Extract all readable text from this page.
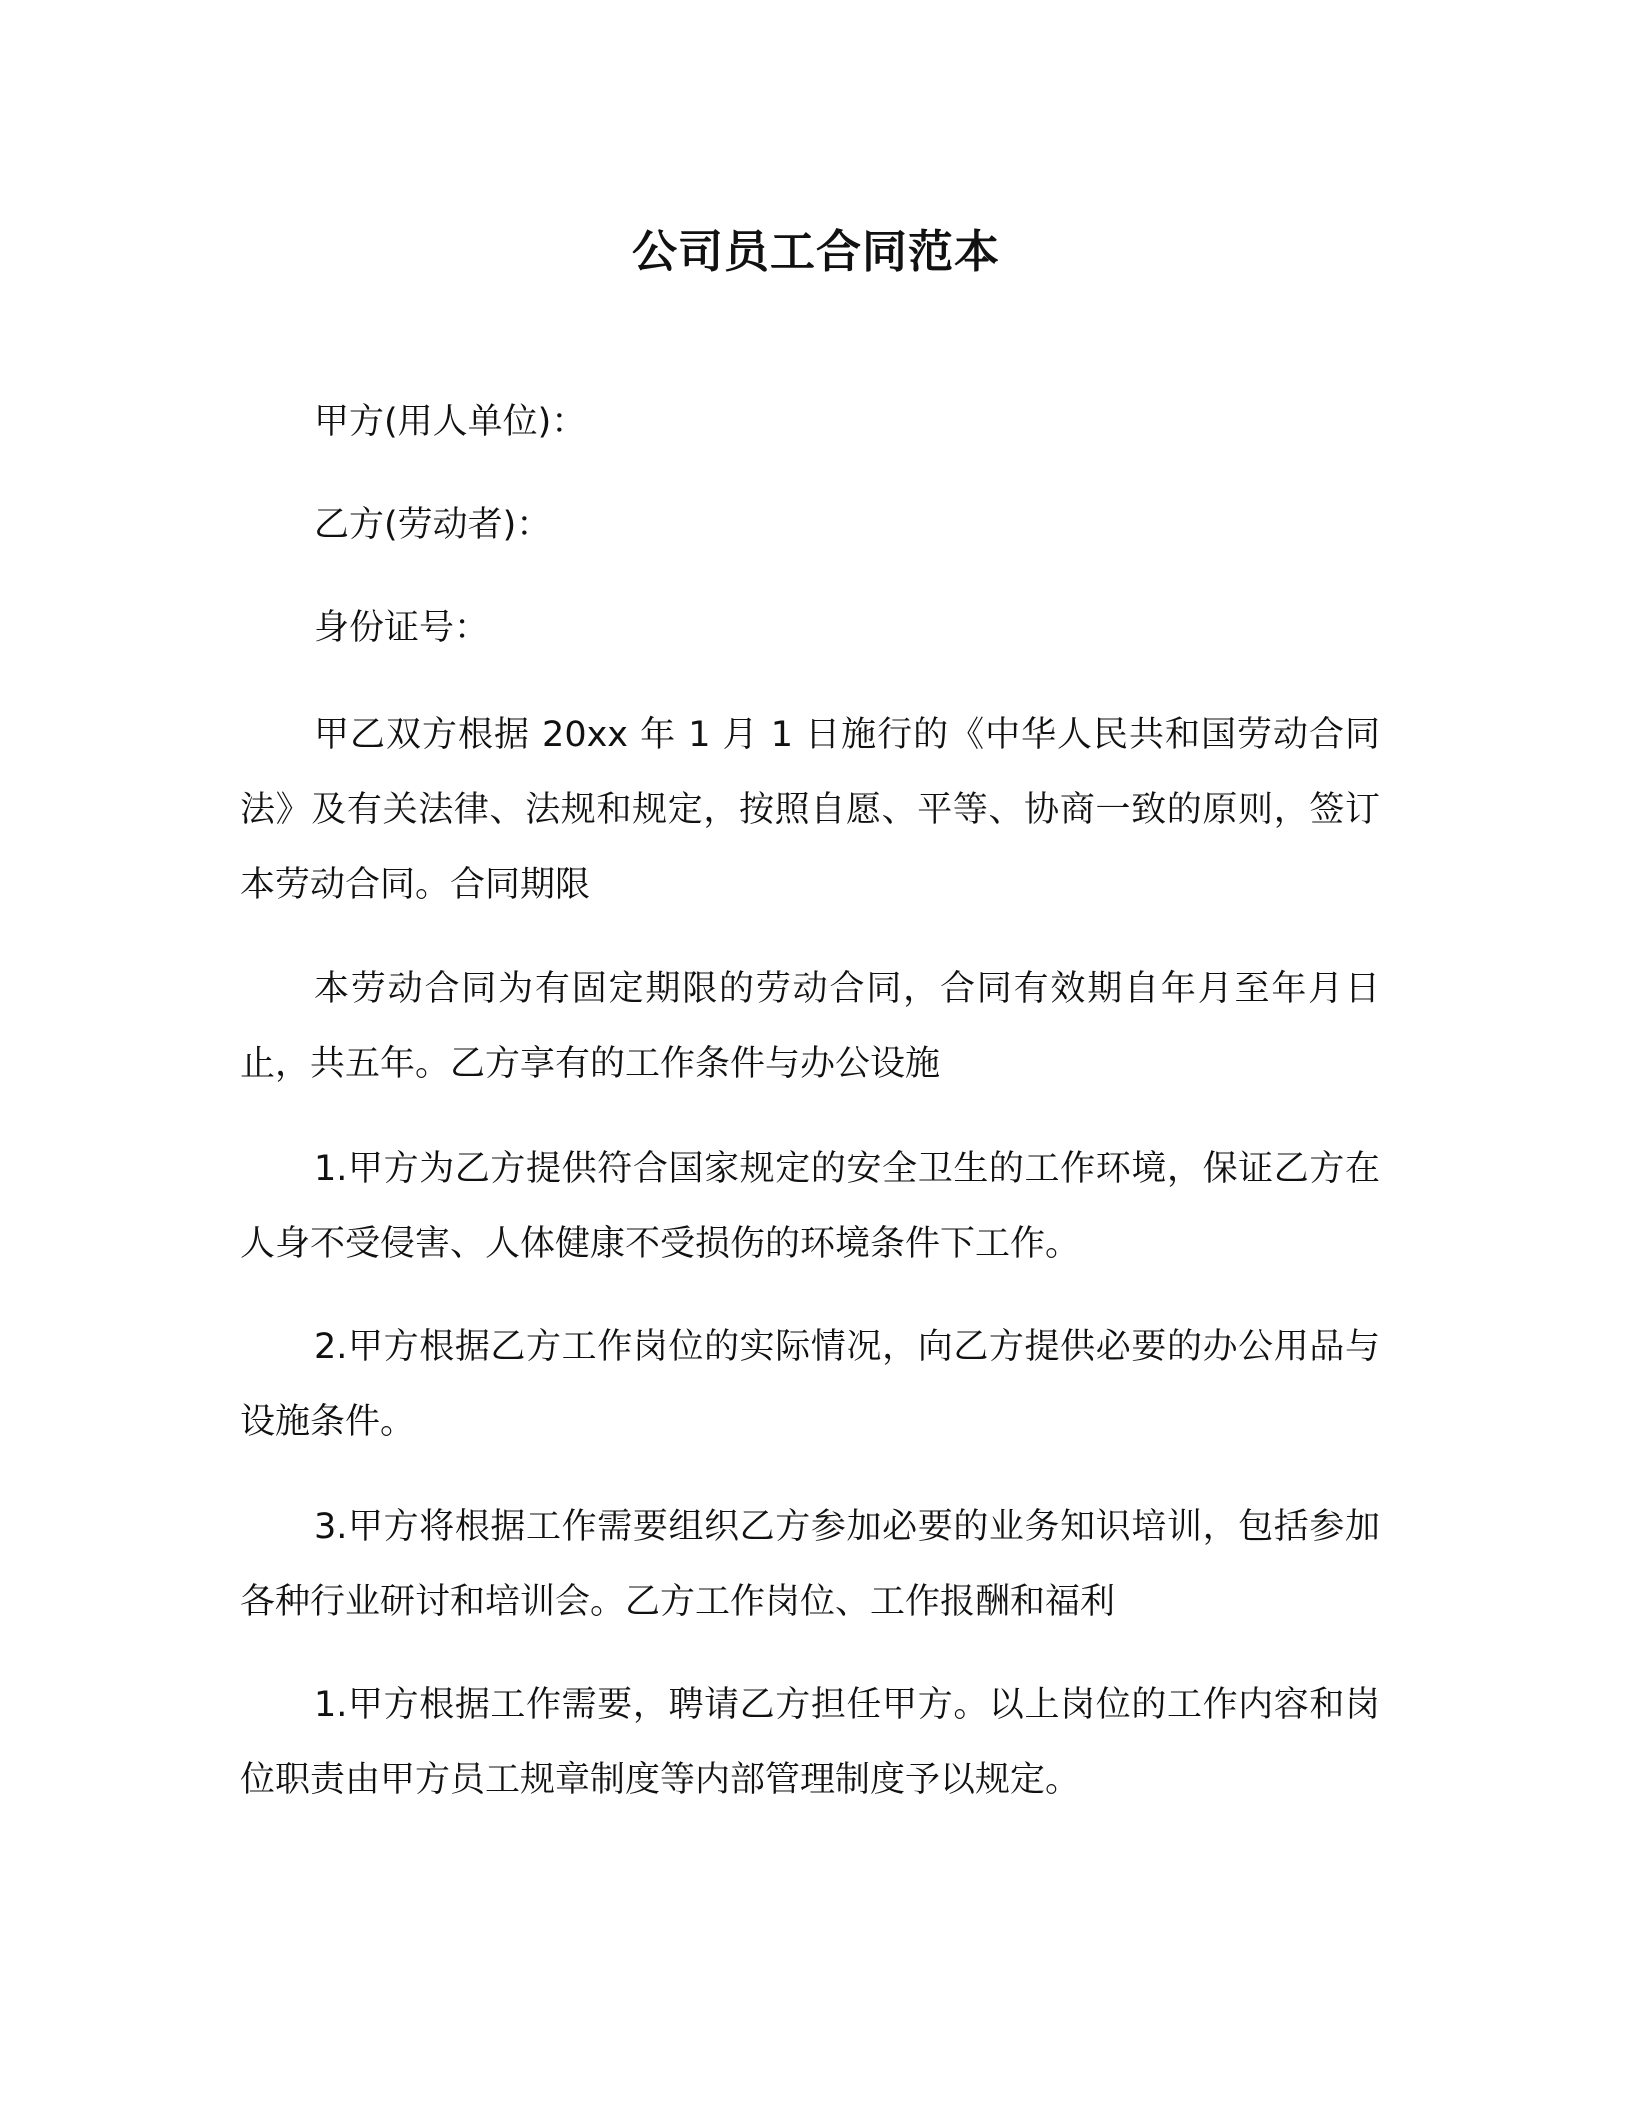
公司员工合同范本

甲方(用人单位)：

乙方(劳动者)：

身份证号：

甲乙双方根据 20xx 年 1 月 1 日施行的《中华人民共和国劳动合同法》及有关法律、法规和规定，按照自愿、平等、协商一致的原则，签订本劳动合同。合同期限

本劳动合同为有固定期限的劳动合同，合同有效期自年月至年月日止，共五年。乙方享有的工作条件与办公设施

1.甲方为乙方提供符合国家规定的安全卫生的工作环境，保证乙方在人身不受侵害、人体健康不受损伤的环境条件下工作。

2.甲方根据乙方工作岗位的实际情况，向乙方提供必要的办公用品与设施条件。

3.甲方将根据工作需要组织乙方参加必要的业务知识培训，包括参加各种行业研讨和培训会。乙方工作岗位、工作报酬和福利

1.甲方根据工作需要，聘请乙方担任甲方。以上岗位的工作内容和岗位职责由甲方员工规章制度等内部管理制度予以规定。
